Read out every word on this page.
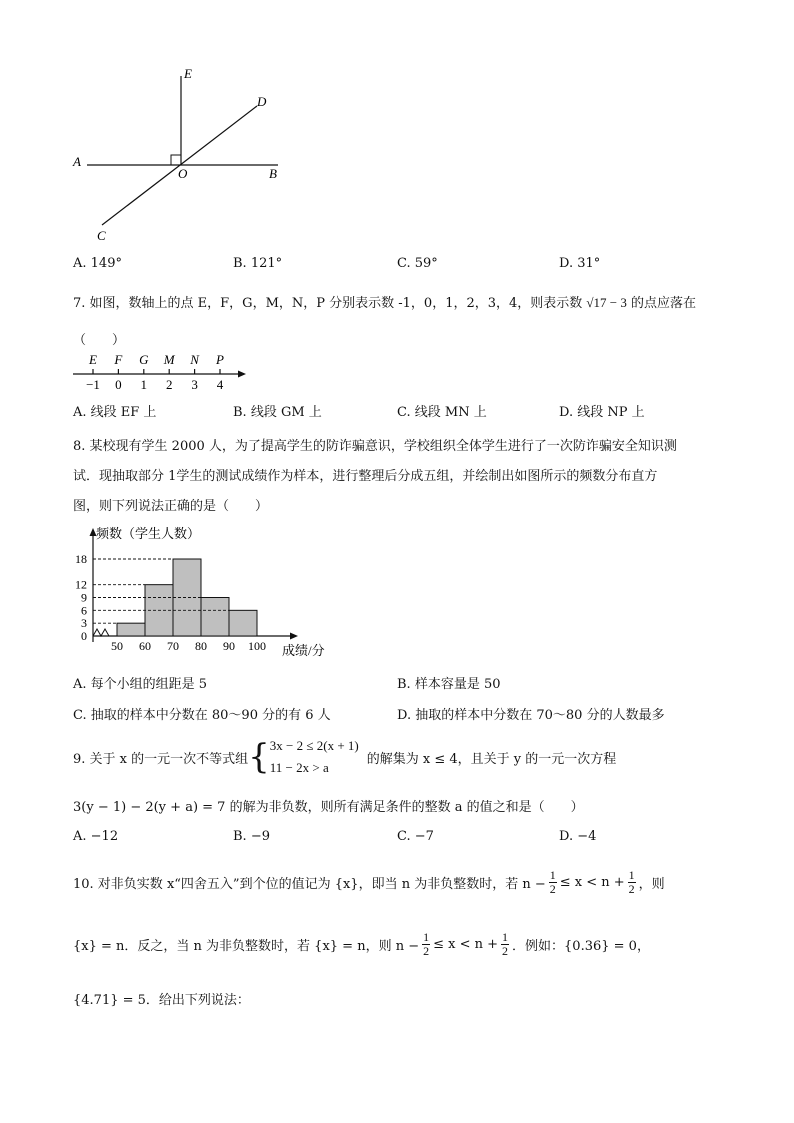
E
D
A
O	B
C
A. 149°	B. 121°	C. 59°	D. 31°
7. 如图，数轴上的点 E，F，G，M，N，P 分别表示数 -1，0，1，2，3，4，则表示数 √17 − 3 的点应落在
（　　）
−1
E
0
F
1
G
2
M
3
N
4
P
A. 线段 EF 上	B. 线段 GM 上	C. 线段 MN 上	D. 线段 NP 上
8. 某校现有学生 2000 人，为了提高学生的防诈骗意识，学校组织全体学生进行了一次防诈骗安全知识测
试．现抽取部分 1学生的测试成绩作为样本，进行整理后分成五组，并绘制出如图所示的频数分布直方
图，则下列说法正确的是（　　）
频数（学生人数）
成绩/分
0
3
6
9
12
18
50 60 70 80 90 100
A. 每个小组的组距是 5	B. 样本容量是 50
C. 抽取的样本中分数在 80～90 分的有 6 人	D. 抽取的样本中分数在 70～80 分的人数最多
9. 关于 x 的一元一次不等式组 { 3x − 2 ≤ 2(x + 1)
11 − 2x > a
的解集为 x ≤ 4，且关于 y 的一元一次方程
3(y − 1) − 2(y + a) = 7 的解为非负数，则所有满足条件的整数 a 的值之和是（　　）
A. −12	B. −9	C. −7	D. −4
10. 对非负实数 x“四舍五入”到个位的值记为 {x}，即当 n 为非负整数时，若 $n - \frac{1}{2} \le x < n + \frac{1}{2}$ ，则
{x} = n．反之，当 n 为非负整数时，若 {x} = n，则 $n - \frac{1}{2} \le x < n + \frac{1}{2}$ ．例如：{0.36} = 0，
{4.71} = 5．给出下列说法：
